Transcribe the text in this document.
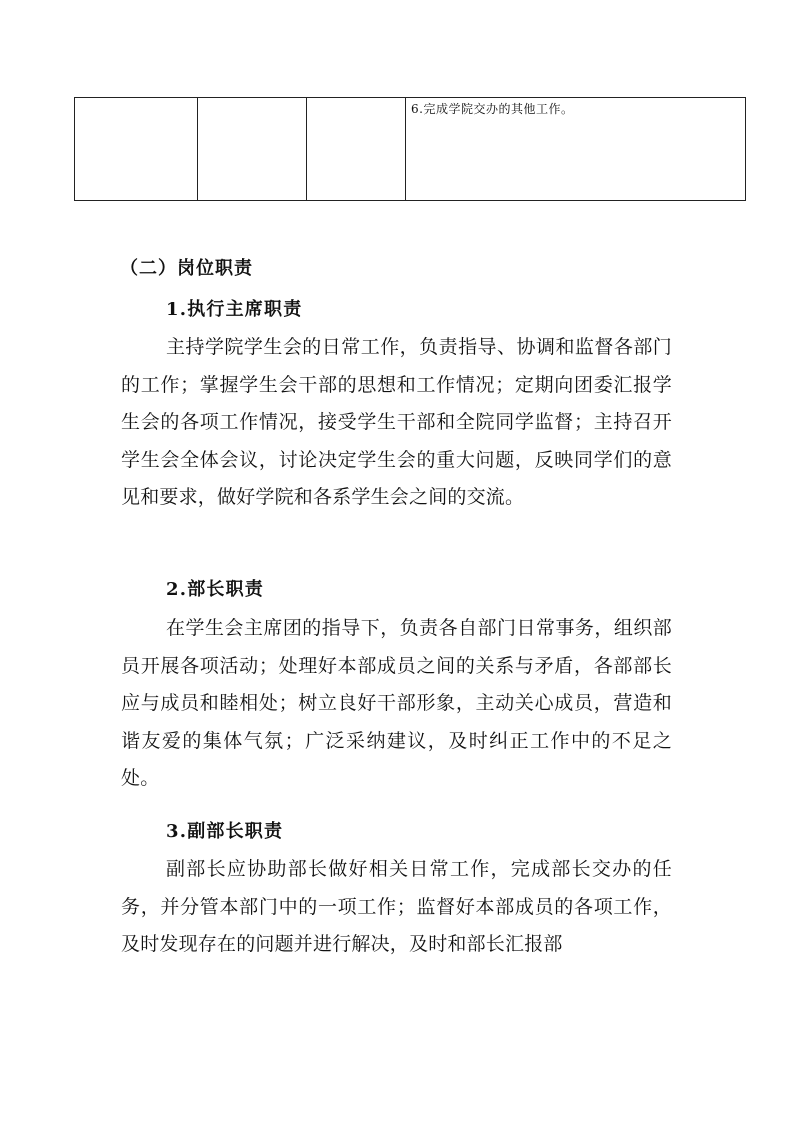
6.完成学院交办的其他工作。
（二）岗位职责
1.执行主席职责

主持学院学生会的日常工作，负责指导、协调和监督各部门的工作；掌握学生会干部的思想和工作情况；定期向团委汇报学生会的各项工作情况，接受学生干部和全院同学监督；主持召开学生会全体会议，讨论决定学生会的重大问题，反映同学们的意见和要求，做好学院和各系学生会之间的交流。

2.部长职责

在学生会主席团的指导下，负责各自部门日常事务，组织部员开展各项活动；处理好本部成员之间的关系与矛盾，各部部长应与成员和睦相处；树立良好干部形象，主动关心成员，营造和谐友爱的集体气氛；广泛采纳建议，及时纠正工作中的不足之处。

3.副部长职责

副部长应协助部长做好相关日常工作，完成部长交办的任务，并分管本部门中的一项工作；监督好本部成员的各项工作，及时发现存在的问题并进行解决，及时和部长汇报部
